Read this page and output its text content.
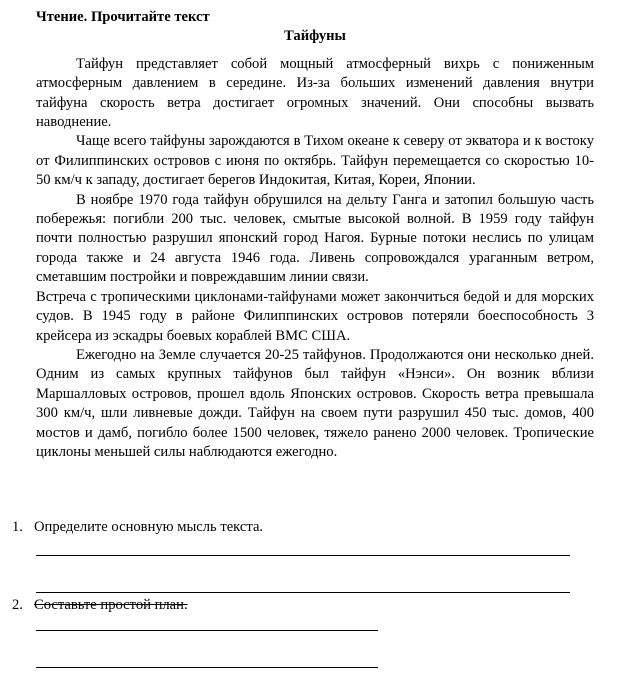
Чтение. Прочитайте текст

Тайфуны

Тайфун представляет собой мощный атмосферный вихрь с пониженным атмосферным давлением в середине. Из-за больших изменений давления внутри тайфуна скорость ветра достигает огромных значений. Они способны вызвать наводнение.

Чаще всего тайфуны зарождаются в Тихом океане к северу от экватора и к востоку от Филиппинских островов с июня по октябрь. Тайфун перемещается со скоростью 10-50 км/ч к западу, достигает берегов Индокитая, Китая, Кореи, Японии.

В ноябре 1970 года тайфун обрушился на дельту Ганга и затопил большую часть побережья: погибли 200 тыс. человек, смытые высокой волной. В 1959 году тайфун почти полностью разрушил японский город Нагоя. Бурные потоки неслись по улицам города также и 24 августа 1946 года. Ливень сопровождался ураганным ветром, сметавшим постройки и повреждавшим линии связи.

Встреча с тропическими циклонами-тайфунами может закончиться бедой и для морских судов. В 1945 году в районе Филиппинских островов потеряли боеспособность 3 крейсера из эскадры боевых кораблей ВМС США.

Ежегодно на Земле случается 20-25 тайфунов. Продолжаются они несколько дней. Одним из самых крупных тайфунов был тайфун «Нэнси». Он возник вблизи Маршалловых островов, прошел вдоль Японских островов. Скорость ветра превышала 300 км/ч, шли ливневые дожди. Тайфун на своем пути разрушил 450 тыс. домов, 400 мостов и дамб, погибло более 1500 человек, тяжело ранено 2000 человек. Тропические циклоны меньшей силы наблюдаются ежегодно.

1. Определите основную мысль текста.
2. Составьте простой план.
